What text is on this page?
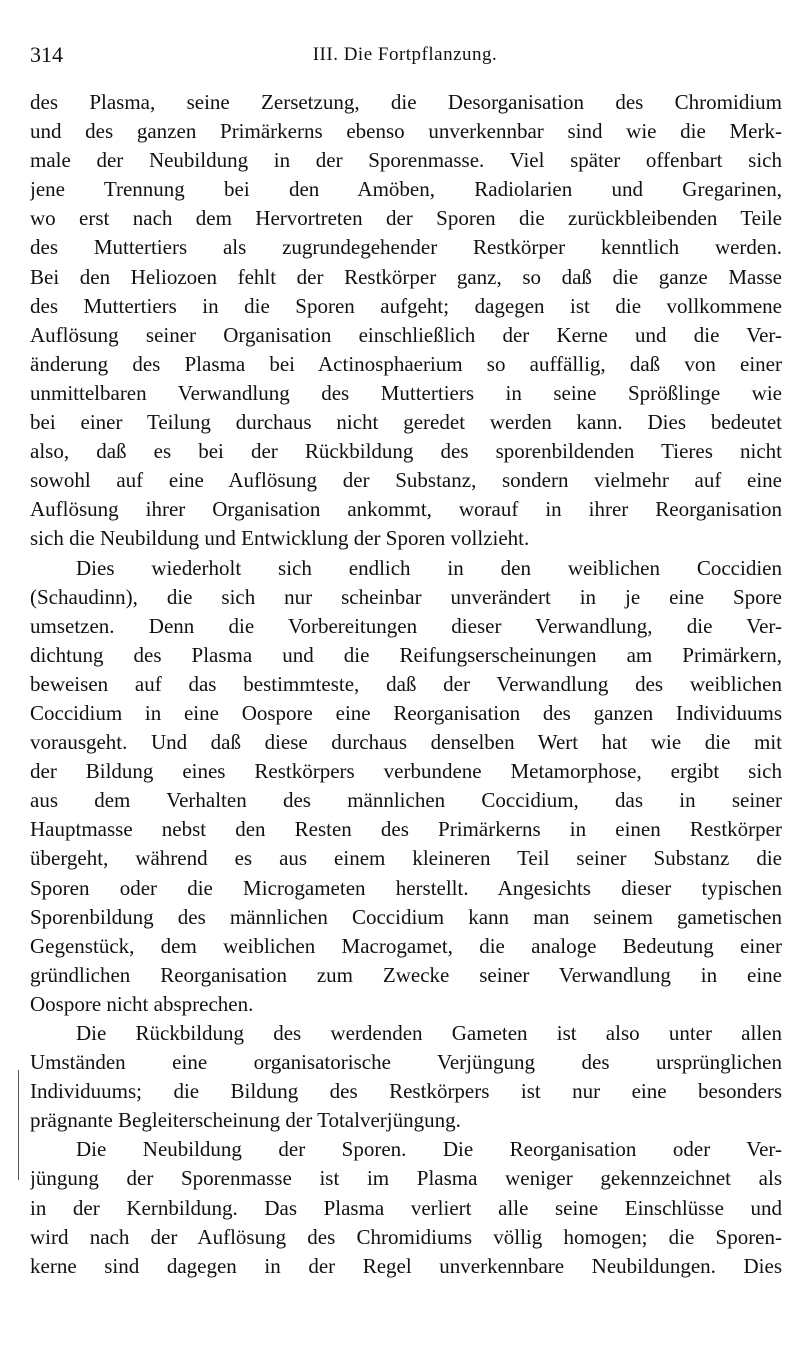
314	III. Die Fortpflanzung.
des Plasma, seine Zersetzung, die Desorganisation des Chromidium
und des ganzen Primärkerns ebenso unverkennbar sind wie die Merk-
male der Neubildung in der Sporenmasse. Viel später offenbart sich
jene Trennung bei den Amöben, Radiolarien und Gregarinen,
wo erst nach dem Hervortreten der Sporen die zurückbleibenden Teile
des Muttertiers als zugrundegehender Restkörper kenntlich werden.
Bei den Heliozoen fehlt der Restkörper ganz, so daß die ganze Masse
des Muttertiers in die Sporen aufgeht; dagegen ist die vollkommene
Auflösung seiner Organisation einschließlich der Kerne und die Ver-
änderung des Plasma bei Actinosphaerium so auffällig, daß von einer
unmittelbaren Verwandlung des Muttertiers in seine Sprößlinge wie
bei einer Teilung durchaus nicht geredet werden kann. Dies bedeutet
also, daß es bei der Rückbildung des sporenbildenden Tieres nicht
sowohl auf eine Auflösung der Substanz, sondern vielmehr auf eine
Auflösung ihrer Organisation ankommt, worauf in ihrer Reorganisation
sich die Neubildung und Entwicklung der Sporen vollzieht.
Dies wiederholt sich endlich in den weiblichen Coccidien
(Schaudinn), die sich nur scheinbar unverändert in je eine Spore
umsetzen. Denn die Vorbereitungen dieser Verwandlung, die Ver-
dichtung des Plasma und die Reifungserscheinungen am Primärkern,
beweisen auf das bestimmteste, daß der Verwandlung des weiblichen
Coccidium in eine Oospore eine Reorganisation des ganzen Individuums
vorausgeht. Und daß diese durchaus denselben Wert hat wie die mit
der Bildung eines Restkörpers verbundene Metamorphose, ergibt sich
aus dem Verhalten des männlichen Coccidium, das in seiner
Hauptmasse nebst den Resten des Primärkerns in einen Restkörper
übergeht, während es aus einem kleineren Teil seiner Substanz die
Sporen oder die Microgameten herstellt. Angesichts dieser typischen
Sporenbildung des männlichen Coccidium kann man seinem gametischen
Gegenstück, dem weiblichen Macrogamet, die analoge Bedeutung einer
gründlichen Reorganisation zum Zwecke seiner Verwandlung in eine
Oospore nicht absprechen.
Die Rückbildung des werdenden Gameten ist also unter allen
Umständen eine organisatorische Verjüngung des ursprünglichen
Individuums; die Bildung des Restkörpers ist nur eine besonders
prägnante Begleiterscheinung der Totalverjüngung.
Die Neubildung der Sporen. Die Reorganisation oder Ver-
jüngung der Sporenmasse ist im Plasma weniger gekennzeichnet als
in der Kernbildung. Das Plasma verliert alle seine Einschlüsse und
wird nach der Auflösung des Chromidiums völlig homogen; die Sporen-
kerne sind dagegen in der Regel unverkennbare Neubildungen. Dies
